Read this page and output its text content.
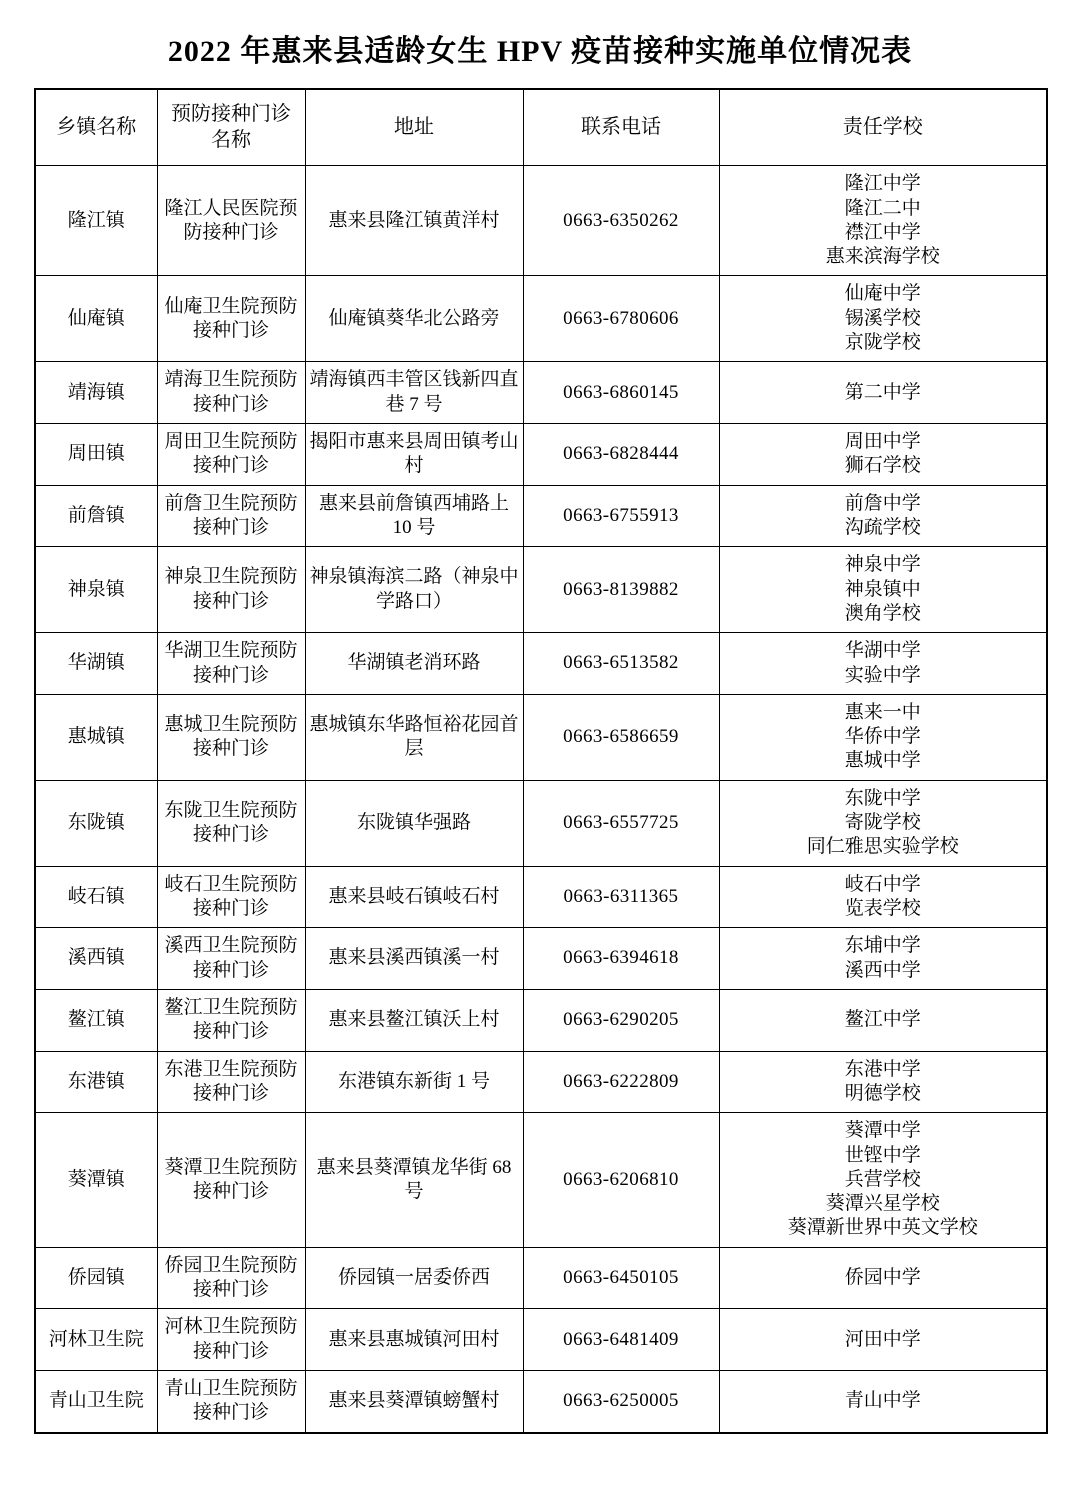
2022 年惠来县适龄女生 HPV 疫苗接种实施单位情况表
乡镇名称	预防接种门诊名称	地址	联系电话	责任学校
隆江镇	隆江人民医院预防接种门诊	惠来县隆江镇黄洋村	0663-6350262	隆江中学
隆江二中
襟江中学
惠来滨海学校

仙庵镇	仙庵卫生院预防接种门诊	仙庵镇葵华北公路旁	0663-6780606	仙庵中学
锡溪学校
京陇学校

靖海镇	靖海卫生院预防接种门诊	靖海镇西丰管区钱新四直巷 7 号	0663-6860145	第二中学

周田镇	周田卫生院预防接种门诊	揭阳市惠来县周田镇考山村	0663-6828444	周田中学
狮石学校

前詹镇	前詹卫生院预防接种门诊	惠来县前詹镇西埔路上 10 号	0663-6755913	前詹中学
沟疏学校

神泉镇	神泉卫生院预防接种门诊	神泉镇海滨二路（神泉中学路口）	0663-8139882	神泉中学
神泉镇中
澳角学校

华湖镇	华湖卫生院预防接种门诊	华湖镇老消环路	0663-6513582	华湖中学
实验中学

惠城镇	惠城卫生院预防接种门诊	惠城镇东华路恒裕花园首层	0663-6586659	惠来一中
华侨中学
惠城中学

东陇镇	东陇卫生院预防接种门诊	东陇镇华强路	0663-6557725	东陇中学
寄陇学校
同仁雅思实验学校

岐石镇	岐石卫生院预防接种门诊	惠来县岐石镇岐石村	0663-6311365	岐石中学
览表学校

溪西镇	溪西卫生院预防接种门诊	惠来县溪西镇溪一村	0663-6394618	东埔中学
溪西中学

鳌江镇	鳌江卫生院预防接种门诊	惠来县鳌江镇沃上村	0663-6290205	鳌江中学

东港镇	东港卫生院预防接种门诊	东港镇东新街 1 号	0663-6222809	东港中学
明德学校

葵潭镇	葵潭卫生院预防接种门诊	惠来县葵潭镇龙华街 68 号	0663-6206810	葵潭中学
世铿中学
兵营学校
葵潭兴星学校
葵潭新世界中英文学校

侨园镇	侨园卫生院预防接种门诊	侨园镇一居委侨西	0663-6450105	侨园中学

河林卫生院	河林卫生院预防接种门诊	惠来县惠城镇河田村	0663-6481409	河田中学

青山卫生院	青山卫生院预防接种门诊	惠来县葵潭镇螃蟹村	0663-6250005	青山中学
